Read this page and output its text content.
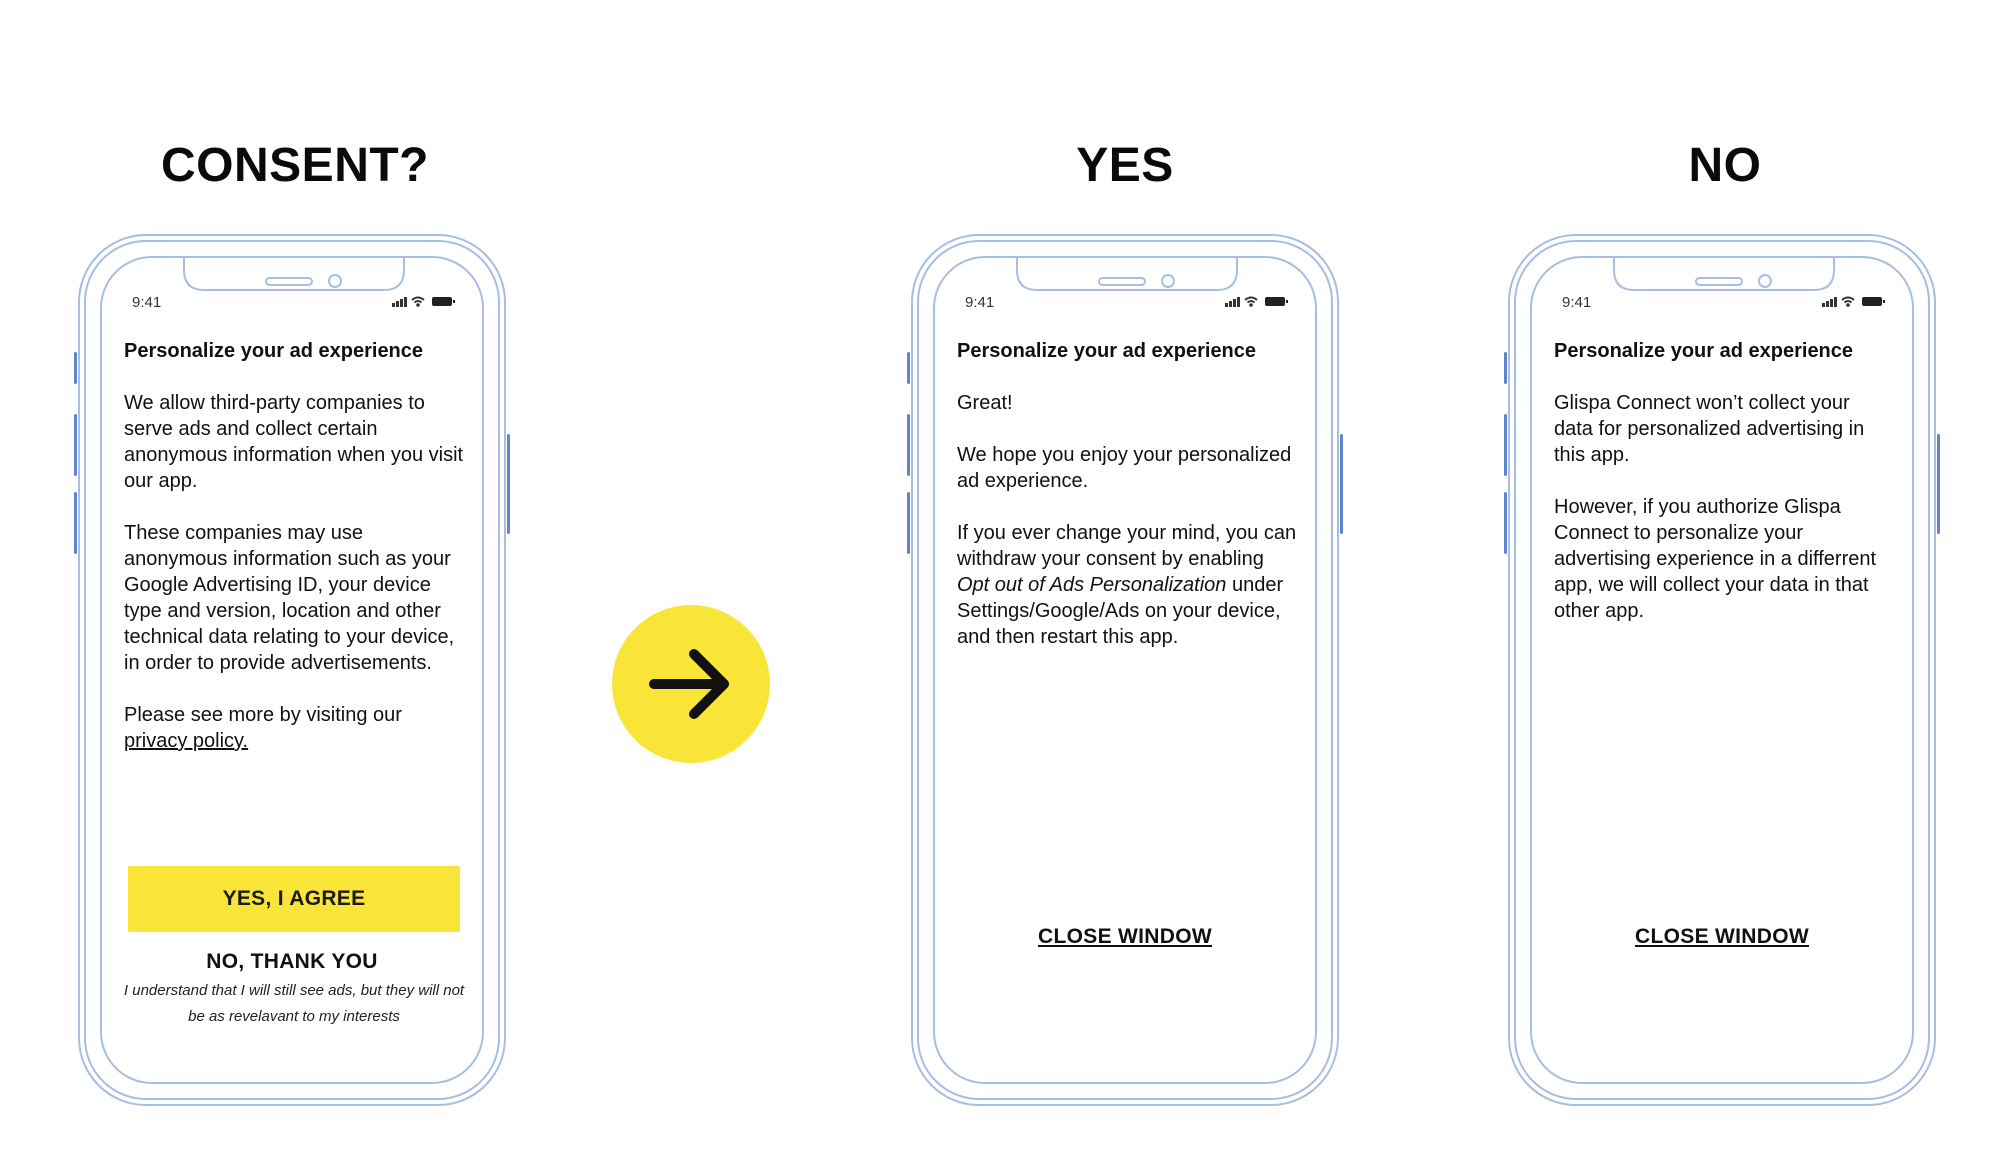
CONSENT?	YES	NO
9:41
Personalize your ad experience

We allow third-party companies to serve ads and collect certain anonymous information when you visit our app.

These companies may use anonymous information such as your Google Advertising ID, your device type and version, location and other technical data relating to your device, in order to provide advertisements.

Please see more by visiting our
privacy policy.

YES, I AGREE
NO, THANK YOU
I understand that I will still see ads, but they will not be as revelavant to my interests
9:41
Personalize your ad experience

Great!

We hope you enjoy your personalized ad experience.

If you ever change your mind, you can withdraw your consent by enabling Opt out of Ads Personalization under Settings/Google/Ads on your device, and then restart this app.

CLOSE WINDOW
9:41
Personalize your ad experience

Glispa Connect won’t collect your data for personalized advertising in this app.

However, if you authorize Glispa Connect to personalize your advertising experience in a differrent app, we will collect your data in that other app.

CLOSE WINDOW
